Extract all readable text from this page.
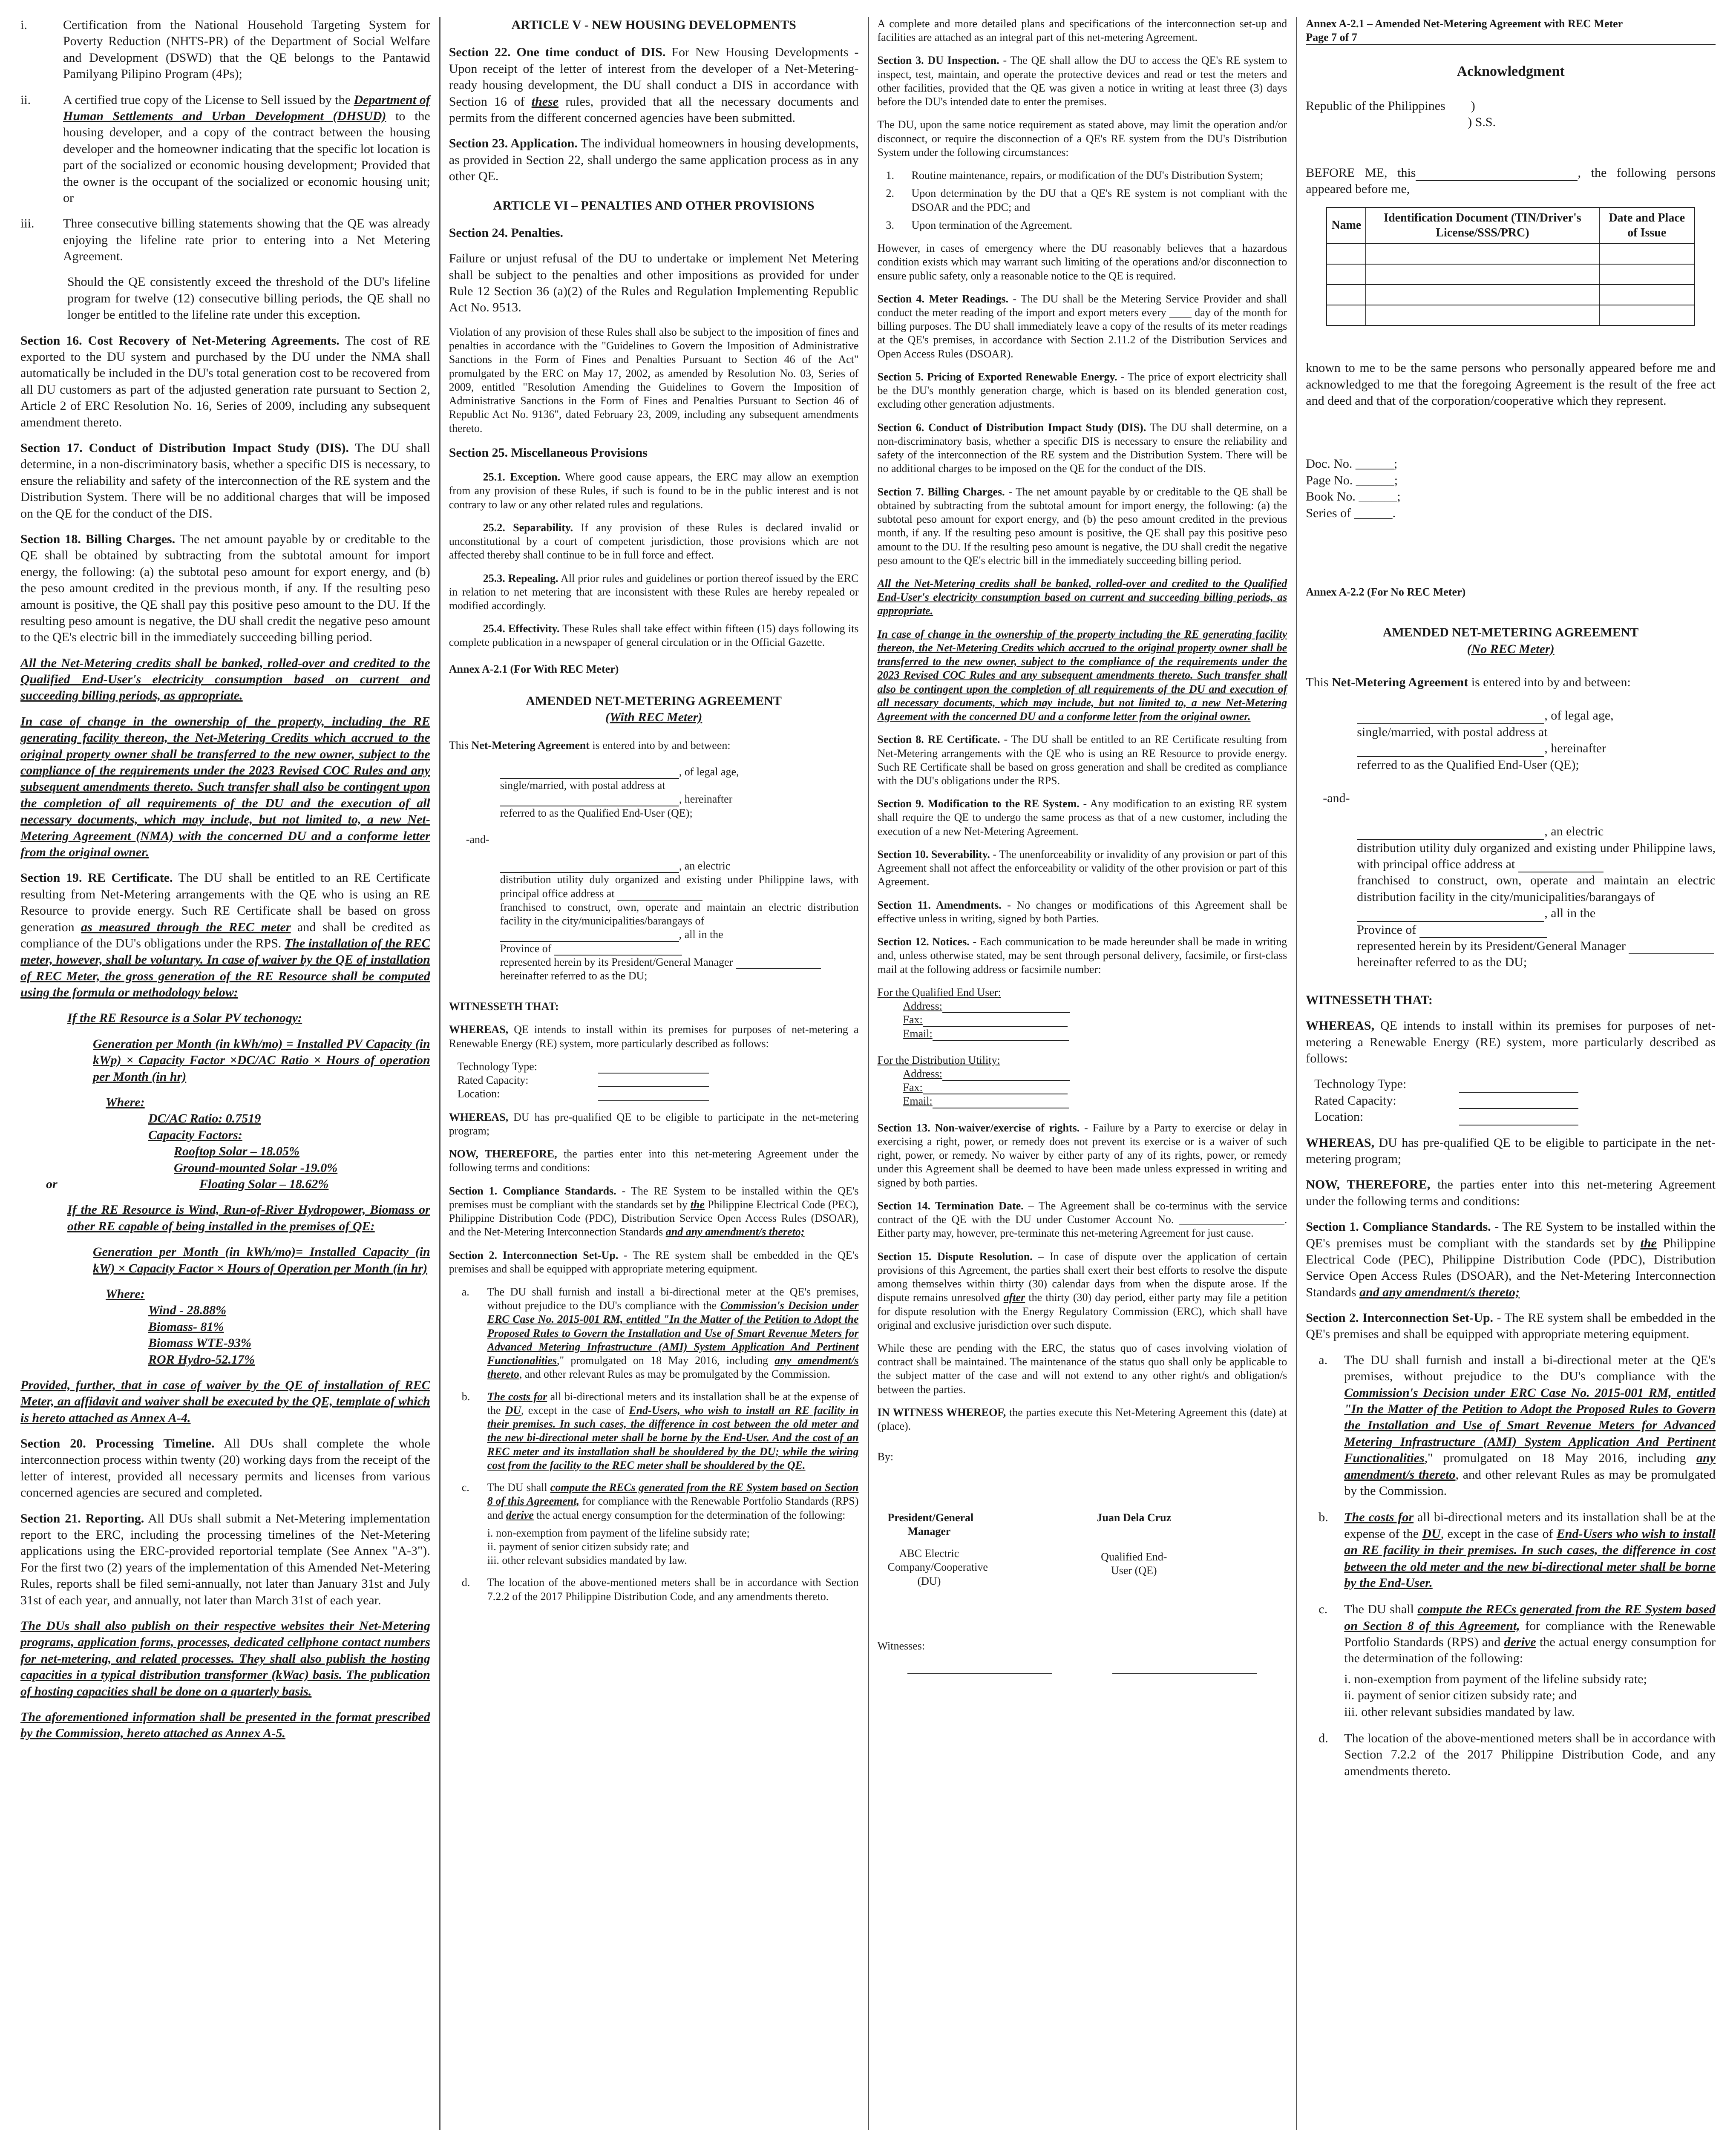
i.	Certification from the National Household Targeting System for Poverty Reduction (NHTS-PR) of the Department of Social Welfare and Development (DSWD) that the QE belongs to the Pantawid Pamilyang Pilipino Program (4Ps);
ii.	A certified true copy of the License to Sell issued by the Department of Human Settlements and Urban Development (DHSUD) to the housing developer, and a copy of the contract between the housing developer and the homeowner indicating that the specific lot location is part of the socialized or economic housing development; Provided that the owner is the occupant of the socialized or economic housing unit; or
iii.	Three consecutive billing statements showing that the QE was already enjoying the lifeline rate prior to entering into a Net Metering Agreement.

Should the QE consistently exceed the threshold of the DU's lifeline program for twelve (12) consecutive billing periods, the QE shall no longer be entitled to the lifeline rate under this exception.

Section 16. Cost Recovery of Net-Metering Agreements. The cost of RE exported to the DU system and purchased by the DU under the NMA shall automatically be included in the DU's total generation cost to be recovered from all DU customers as part of the adjusted generation rate pursuant to Section 2, Article 2 of ERC Resolution No. 16, Series of 2009, including any subsequent amendment thereto.

Section 17. Conduct of Distribution Impact Study (DIS). The DU shall determine, in a non-discriminatory basis, whether a specific DIS is necessary, to ensure the reliability and safety of the interconnection of the RE system and the Distribution System. There will be no additional charges that will be imposed on the QE for the conduct of the DIS.

Section 18. Billing Charges. The net amount payable by or creditable to the QE shall be obtained by subtracting from the subtotal amount for import energy, the following: (a) the subtotal peso amount for export energy, and (b) the peso amount credited in the previous month, if any. If the resulting peso amount is positive, the QE shall pay this positive peso amount to the DU. If the resulting peso amount is negative, the DU shall credit the negative peso amount to the QE's electric bill in the immediately succeeding billing period.

All the Net-Metering credits shall be banked, rolled-over and credited to the Qualified End-User's electricity consumption based on current and succeeding billing periods, as appropriate.

In case of change in the ownership of the property, including the RE generating facility thereon, the Net-Metering Credits which accrued to the original property owner shall be transferred to the new owner, subject to the compliance of the requirements under the 2023 Revised COC Rules and any subsequent amendments thereto. Such transfer shall also be contingent upon the completion of all requirements of the DU and the execution of all necessary documents, which may include, but not limited to, a new Net-Metering Agreement (NMA) with the concerned DU and a conforme letter from the original owner.

Section 19. RE Certificate. The DU shall be entitled to an RE Certificate resulting from Net-Metering arrangements with the QE who is using an RE Resource to provide energy. Such RE Certificate shall be based on gross generation as measured through the REC meter and shall be credited as compliance of the DU's obligations under the RPS. The installation of the REC meter, however, shall be voluntary. In case of waiver by the QE of installation of REC Meter, the gross generation of the RE Resource shall be computed using the formula or methodology below:

If the RE Resource is a Solar PV techonogy:

Generation per Month (in kWh/mo) = Installed PV Capacity (in kWp) × Capacity Factor ×DC/AC Ratio × Hours of operation per Month (in hr)

Where:
DC/AC Ratio: 0.7519
Capacity Factors:
Rooftop Solar – 18.05%
Ground-mounted Solar -19.0%
or	Floating Solar – 18.62%

If the RE Resource is Wind, Run-of-River Hydropower, Biomass or other RE capable of being installed in the premises of QE:

Generation per Month (in kWh/mo)= Installed Capacity (in kW) × Capacity Factor × Hours of Operation per Month (in hr)

Where:
Wind - 28.88%
Biomass- 81%
Biomass WTE-93%
ROR Hydro-52.17%

Provided, further, that in case of waiver by the QE of installation of REC Meter, an affidavit and waiver shall be executed by the QE, template of which is hereto attached as Annex A-4.

Section 20. Processing Timeline. All DUs shall complete the whole interconnection process within twenty (20) working days from the receipt of the letter of interest, provided all necessary permits and licenses from various concerned agencies are secured and completed.

Section 21. Reporting. All DUs shall submit a Net-Metering implementation report to the ERC, including the processing timelines of the Net-Metering applications using the ERC-provided reportorial template (See Annex "A-3"). For the first two (2) years of the implementation of this Amended Net-Metering Rules, reports shall be filed semi-annually, not later than January 31st and July 31st of each year, and annually, not later than March 31st of each year.

The DUs shall also publish on their respective websites their Net-Metering programs, application forms, processes, dedicated cellphone contact numbers for net-metering, and related processes. They shall also publish the hosting capacities in a typical distribution transformer (kWac) basis. The publication of hosting capacities shall be done on a quarterly basis.

The aforementioned information shall be presented in the format prescribed by the Commission, hereto attached as Annex A-5.

ARTICLE V - NEW HOUSING DEVELOPMENTS

Section 22. One time conduct of DIS. For New Housing Developments - Upon receipt of the letter of interest from the developer of a Net-Metering-ready housing development, the DU shall conduct a DIS in accordance with Section 16 of these rules, provided that all the necessary documents and permits from the different concerned agencies have been submitted.

Section 23. Application. The individual homeowners in housing developments, as provided in Section 22, shall undergo the same application process as in any other QE.

ARTICLE VI – PENALTIES AND OTHER PROVISIONS

Section 24. Penalties.

Failure or unjust refusal of the DU to undertake or implement Net Metering shall be subject to the penalties and other impositions as provided for under Rule 12 Section 36 (a)(2) of the Rules and Regulation Implementing Republic Act No. 9513.

Violation of any provision of these Rules shall also be subject to the imposition of fines and penalties in accordance with the "Guidelines to Govern the Imposition of Administrative Sanctions in the Form of Fines and Penalties Pursuant to Section 46 of the Act" promulgated by the ERC on May 17, 2002, as amended by Resolution No. 03, Series of 2009, entitled "Resolution Amending the Guidelines to Govern the Imposition of Administrative Sanctions in the Form of Fines and Penalties Pursuant to Section 46 of Republic Act No. 9136", dated February 23, 2009, including any subsequent amendments thereto.

Section 25. Miscellaneous Provisions

25.1. Exception. Where good cause appears, the ERC may allow an exemption from any provision of these Rules, if such is found to be in the public interest and is not contrary to law or any other related rules and regulations.

25.2. Separability. If any provision of these Rules is declared invalid or unconstitutional by a court of competent jurisdiction, those provisions which are not affected thereby shall continue to be in full force and effect.

25.3. Repealing. All prior rules and guidelines or portion thereof issued by the ERC in relation to net metering that are inconsistent with these Rules are hereby repealed or modified accordingly.

25.4. Effectivity. These Rules shall take effect within fifteen (15) days following its complete publication in a newspaper of general circulation or in the Official Gazette.

Annex A-2.1 (For With REC Meter)

AMENDED NET-METERING AGREEMENT
(With REC Meter)

This Net-Metering Agreement is entered into by and between:

, of legal age,
single/married, with postal address at
, hereinafter
referred to as the Qualified End-User (QE);

-and-

, an electric
distribution utility duly organized and existing under Philippine laws, with principal office address at
franchised to construct, own, operate and maintain an electric distribution facility in the city/municipalities/barangays of
, all in the
Province of
represented herein by its President/General Manager
hereinafter referred to as the DU;

WITNESSETH THAT:

WHEREAS, QE intends to install within its premises for purposes of net-metering a Renewable Energy (RE) system, more particularly described as follows:

Technology Type:
Rated Capacity:
Location:

WHEREAS, DU has pre-qualified QE to be eligible to participate in the net-metering program;

NOW, THEREFORE, the parties enter into this net-metering Agreement under the following terms and conditions:

Section 1. Compliance Standards. - The RE System to be installed within the QE's premises must be compliant with the standards set by the Philippine Electrical Code (PEC), Philippine Distribution Code (PDC), Distribution Service Open Access Rules (DSOAR), and the Net-Metering Interconnection Standards and any amendment/s thereto;

Section 2. Interconnection Set-Up. - The RE system shall be embedded in the QE's premises and shall be equipped with appropriate metering equipment.

a.	The DU shall furnish and install a bi-directional meter at the QE's premises, without prejudice to the DU's compliance with the Commission's Decision under ERC Case No. 2015-001 RM, entitled "In the Matter of the Petition to Adopt the Proposed Rules to Govern the Installation and Use of Smart Revenue Meters for Advanced Metering Infrastructure (AMI) System Application And Pertinent Functionalities," promulgated on 18 May 2016, including any amendment/s thereto, and other relevant Rules as may be promulgated by the Commission.
b.	The costs for all bi-directional meters and its installation shall be at the expense of the DU, except in the case of End-Users, who wish to install an RE facility in their premises. In such cases, the difference in cost between the old meter and the new bi-directional meter shall be borne by the End-User. And the cost of an REC meter and its installation shall be shouldered by the DU; while the wiring cost from the facility to the REC meter shall be shouldered by the QE.
c.	The DU shall compute the RECs generated from the RE System based on Section 8 of this Agreement, for compliance with the Renewable Portfolio Standards (RPS) and derive the actual energy consumption for the determination of the following:
i. non-exemption from payment of the lifeline subsidy rate;
ii. payment of senior citizen subsidy rate; and
iii. other relevant subsidies mandated by law.
d.	The location of the above-mentioned meters shall be in accordance with Section 7.2.2 of the 2017 Philippine Distribution Code, and any amendments thereto.

A complete and more detailed plans and specifications of the interconnection set-up and facilities are attached as an integral part of this net-metering Agreement.

Section 3. DU Inspection. - The QE shall allow the DU to access the QE's RE system to inspect, test, maintain, and operate the protective devices and read or test the meters and other facilities, provided that the QE was given a notice in writing at least three (3) days before the DU's intended date to enter the premises.

The DU, upon the same notice requirement as stated above, may limit the operation and/or disconnect, or require the disconnection of a QE's RE system from the DU's Distribution System under the following circumstances:

1.	Routine maintenance, repairs, or modification of the DU's Distribution System;
2.	Upon determination by the DU that a QE's RE system is not compliant with the DSOAR and the PDC; and
3.	Upon termination of the Agreement.

However, in cases of emergency where the DU reasonably believes that a hazardous condition exists which may warrant such limiting of the operations and/or disconnection to ensure public safety, only a reasonable notice to the QE is required.

Section 4. Meter Readings. - The DU shall be the Metering Service Provider and shall conduct the meter reading of the import and export meters every ____ day of the month for billing purposes. The DU shall immediately leave a copy of the results of its meter readings at the QE's premises, in accordance with Section 2.11.2 of the Distribution Services and Open Access Rules (DSOAR).

Section 5. Pricing of Exported Renewable Energy. - The price of export electricity shall be the DU's monthly generation charge, which is based on its blended generation cost, excluding other generation adjustments.

Section 6. Conduct of Distribution Impact Study (DIS). The DU shall determine, on a non-discriminatory basis, whether a specific DIS is necessary to ensure the reliability and safety of the interconnection of the RE system and the Distribution System. There will be no additional charges to be imposed on the QE for the conduct of the DIS.

Section 7. Billing Charges. - The net amount payable by or creditable to the QE shall be obtained by subtracting from the subtotal amount for import energy, the following: (a) the subtotal peso amount for export energy, and (b) the peso amount credited in the previous month, if any. If the resulting peso amount is positive, the QE shall pay this positive peso amount to the DU. If the resulting peso amount is negative, the DU shall credit the negative peso amount to the QE's electric bill in the immediately succeeding billing period.

All the Net-Metering credits shall be banked, rolled-over and credited to the Qualified End-User's electricity consumption based on current and succeeding billing periods, as appropriate.

In case of change in the ownership of the property including the RE generating facility thereon, the Net-Metering Credits which accrued to the original property owner shall be transferred to the new owner, subject to the compliance of the requirements under the 2023 Revised COC Rules and any subsequent amendments thereto. Such transfer shall also be contingent upon the completion of all requirements of the DU and execution of all necessary documents, which may include, but not limited to, a new Net-Metering Agreement with the concerned DU and a conforme letter from the original owner.

Section 8. RE Certificate. - The DU shall be entitled to an RE Certificate resulting from Net-Metering arrangements with the QE who is using an RE Resource to provide energy. Such RE Certificate shall be based on gross generation and shall be credited as compliance with the DU's obligations under the RPS.

Section 9. Modification to the RE System. - Any modification to an existing RE system shall require the QE to undergo the same process as that of a new customer, including the execution of a new Net-Metering Agreement.

Section 10. Severability. - The unenforceability or invalidity of any provision or part of this Agreement shall not affect the enforceability or validity of the other provision or part of this Agreement.

Section 11. Amendments. - No changes or modifications of this Agreement shall be effective unless in writing, signed by both Parties.

Section 12. Notices. - Each communication to be made hereunder shall be made in writing and, unless otherwise stated, may be sent through personal delivery, facsimile, or first-class mail at the following address or facsimile number:

For the Qualified End User:
Address:
Fax:
Email:
For the Distribution Utility:
Address:
Fax:
Email:

Section 13. Non-waiver/exercise of rights. - Failure by a Party to exercise or delay in exercising a right, power, or remedy does not prevent its exercise or is a waiver of such right, power, or remedy. No waiver by either party of any of its rights, power, or remedy under this Agreement shall be deemed to have been made unless expressed in writing and signed by both parties.

Section 14. Termination Date. – The Agreement shall be co-terminus with the service contract of the QE with the DU under Customer Account No. ___________________. Either party may, however, pre-terminate this net-metering Agreement for just cause.

Section 15. Dispute Resolution. – In case of dispute over the application of certain provisions of this Agreement, the parties shall exert their best efforts to resolve the dispute among themselves within thirty (30) calendar days from when the dispute arose. If the dispute remains unresolved after the thirty (30) day period, either party may file a petition for dispute resolution with the Energy Regulatory Commission (ERC), which shall have original and exclusive jurisdiction over such dispute.

While these are pending with the ERC, the status quo of cases involving violation of contract shall be maintained. The maintenance of the status quo shall only be applicable to the subject matter of the case and will not extend to any other right/s and obligation/s between the parties.

IN WITNESS WHEREOF, the parties execute this Net-Metering Agreement this (date) at (place).

By:

President/General Manager
ABC Electric Company/Cooperative (DU)
Juan Dela Cruz
Qualified End-User (QE)

Witnesses:

Annex A-2.1 – Amended Net-Metering Agreement with REC Meter
Page 7 of 7
Acknowledgment
Republic of the Philippines	)
) S.S.

BEFORE ME, this	, the following persons appeared before me,

Name	Identification Document (TIN/Driver's License/SSS/PRC)	Date and Place of Issue

known to me to be the same persons who personally appeared before me and acknowledged to me that the foregoing Agreement is the result of the free act and deed and that of the corporation/cooperative which they represent.

Doc. No. ______;
Page No. ______;
Book No. ______;
Series of ______.

Annex A-2.2 (For No REC Meter)

AMENDED NET-METERING AGREEMENT
(No REC Meter)

This Net-Metering Agreement is entered into by and between:

, of legal age,
single/married, with postal address at
, hereinafter
referred to as the Qualified End-User (QE);

-and-

, an electric
distribution utility duly organized and existing under Philippine laws, with principal office address at
franchised to construct, own, operate and maintain an electric distribution facility in the city/municipalities/barangays of
, all in the
Province of
represented herein by its President/General Manager
hereinafter referred to as the DU;

WITNESSETH THAT:

WHEREAS, QE intends to install within its premises for purposes of net-metering a Renewable Energy (RE) system, more particularly described as follows:

Technology Type:
Rated Capacity:
Location:

WHEREAS, DU has pre-qualified QE to be eligible to participate in the net-metering program;

NOW, THEREFORE, the parties enter into this net-metering Agreement under the following terms and conditions:

Section 1. Compliance Standards. - The RE System to be installed within the QE's premises must be compliant with the standards set by the Philippine Electrical Code (PEC), Philippine Distribution Code (PDC), Distribution Service Open Access Rules (DSOAR), and the Net-Metering Interconnection Standards and any amendment/s thereto;

Section 2. Interconnection Set-Up. - The RE system shall be embedded in the QE's premises and shall be equipped with appropriate metering equipment.

a.	The DU shall furnish and install a bi-directional meter at the QE's premises, without prejudice to the DU's compliance with the Commission's Decision under ERC Case No. 2015-001 RM, entitled "In the Matter of the Petition to Adopt the Proposed Rules to Govern the Installation and Use of Smart Revenue Meters for Advanced Metering Infrastructure (AMI) System Application And Pertinent Functionalities," promulgated on 18 May 2016, including any amendment/s thereto, and other relevant Rules as may be promulgated by the Commission.
b.	The costs for all bi-directional meters and its installation shall be at the expense of the DU, except in the case of End-Users who wish to install an RE facility in their premises. In such cases, the difference in cost between the old meter and the new bi-directional meter shall be borne by the End-User.
c.	The DU shall compute the RECs generated from the RE System based on Section 8 of this Agreement, for compliance with the Renewable Portfolio Standards (RPS) and derive the actual energy consumption for the determination of the following:
i. non-exemption from payment of the lifeline subsidy rate;
ii. payment of senior citizen subsidy rate; and
iii. other relevant subsidies mandated by law.
d.	The location of the above-mentioned meters shall be in accordance with Section 7.2.2 of the 2017 Philippine Distribution Code, and any amendments thereto.
